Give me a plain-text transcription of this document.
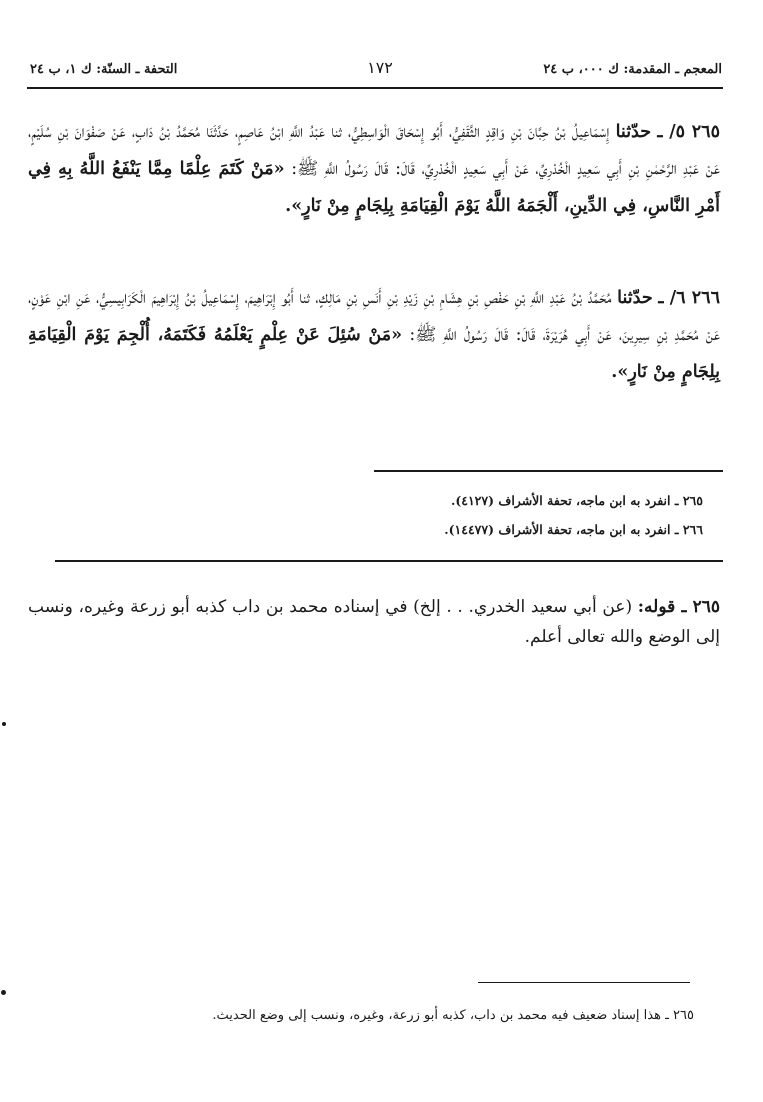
المعجم ـ المقدمة: ك ٠٠٠، ب ٢٤
١٧٢
التحفة ـ السنّة: ك ١، ب ٢٤
٢٦٥ ٥/ ـ حدّثنا إِسْمَاعِيلُ بْنُ حِبَّانَ بْنِ وَاقِدٍ الثَّقَفِيُّ، أَبُو إِسْحَاقَ الْوَاسِطِيُّ، ثنا عَبْدُ اللَّهِ ابْنُ عَاصِمٍ، حَدَّثَنَا مُحَمَّدُ بْنُ دَابٍ، عَنْ صَفْوَانَ بْنِ سُلَيْمٍ، عَنْ عَبْدِ الرَّحْمٰنِ بْنِ أَبِي سَعِيدٍ الْخُدْرِيِّ، عَنْ أَبِي سَعِيدٍ الْخُدْرِيِّ، قَالَ: قَالَ رَسُولُ اللَّهِ ﷺ: «مَنْ كَتَمَ عِلْمًا مِمَّا يَنْفَعُ اللَّهُ بِهِ فِي أَمْرِ النَّاسِ، فِي الدِّينِ، أَلْجَمَهُ اللَّهُ يَوْمَ الْقِيَامَةِ بِلِجَامٍ مِنْ نَارٍ».
٢٦٦ ٦/ ـ حدّثنا مُحَمَّدُ بْنُ عَبْدِ اللَّهِ بْنِ حَفْصِ بْنِ هِشَامِ بْنِ زَيْدِ بْنِ أَنَسِ بْنِ مَالِكٍ، ثنا أَبُو إِبْرَاهِيمَ، إِسْمَاعِيلُ بْنُ إِبْرَاهِيمَ الْكَرَابِيسِيُّ، عَنِ ابْنِ عَوْنٍ، عَنْ مُحَمَّدِ بْنِ سِيرِينَ، عَنْ أَبِي هُرَيْرَةَ، قَالَ: قَالَ رَسُولُ اللَّهِ ﷺ: «مَنْ سُئِلَ عَنْ عِلْمٍ يَعْلَمُهُ فَكَتَمَهُ، أُلْجِمَ يَوْمَ الْقِيَامَةِ بِلِجَامٍ مِنْ نَارٍ».
٢٦٥ ـ انفرد به ابن ماجه، تحفة الأشراف (٤١٢٧).
٢٦٦ ـ انفرد به ابن ماجه، تحفة الأشراف (١٤٤٧٧).
٢٦٥ ـ قوله: (عن أبي سعيد الخدري. . . إلخ) في إسناده محمد بن داب كذبه أبو زرعة وغيره، ونسب إلى الوضع والله تعالى أعلم.
٢٦٥ ـ هذا إسناد ضعيف فيه محمد بن داب، كذبه أبو زرعة، وغيره، ونسب إلى وضع الحديث.
